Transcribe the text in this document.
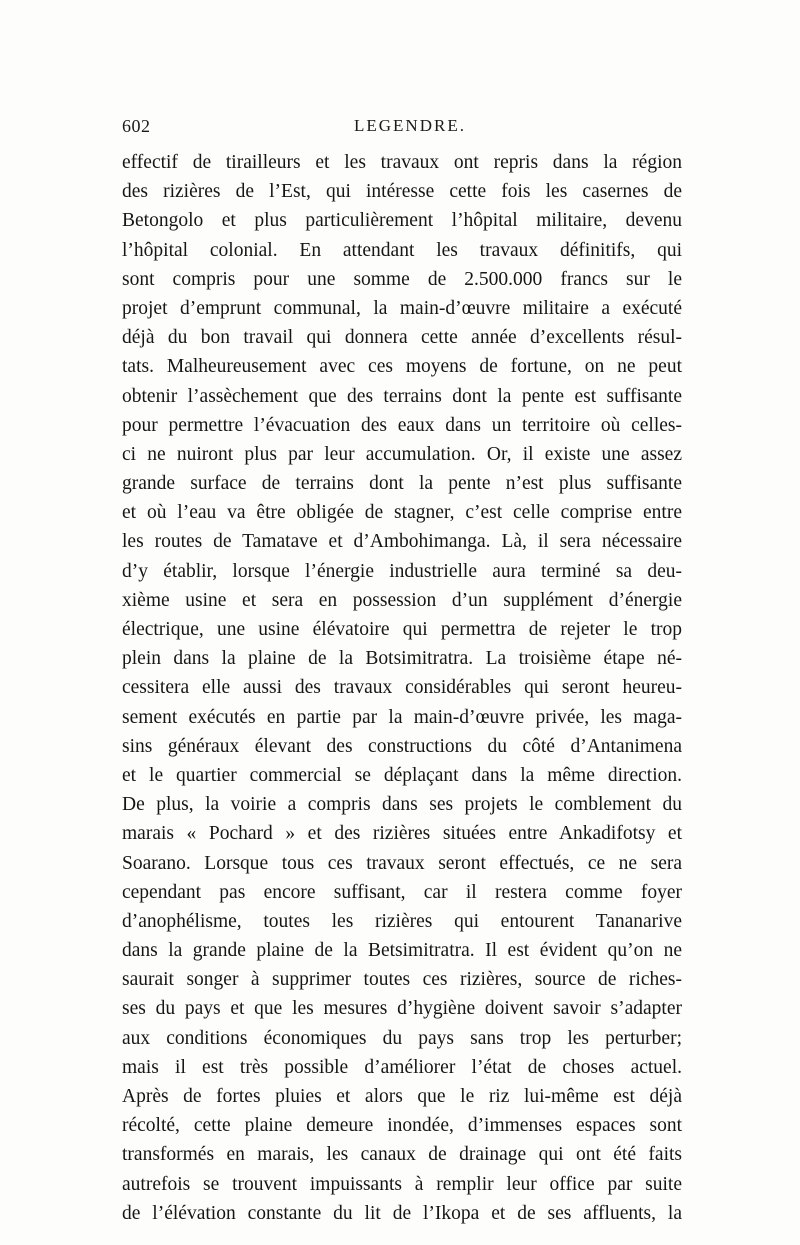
602	LEGENDRE.
effectif de tirailleurs et les travaux ont repris dans la région
des rizières de l’Est, qui intéresse cette fois les casernes de
Betongolo et plus particulièrement l’hôpital militaire, devenu
l’hôpital colonial. En attendant les travaux définitifs, qui
sont compris pour une somme de 2.500.000 francs sur le
projet d’emprunt communal, la main-d’œuvre militaire a exécuté
déjà du bon travail qui donnera cette année d’excellents résul-
tats. Malheureusement avec ces moyens de fortune, on ne peut
obtenir l’assèchement que des terrains dont la pente est suffisante
pour permettre l’évacuation des eaux dans un territoire où celles-
ci ne nuiront plus par leur accumulation. Or, il existe une assez
grande surface de terrains dont la pente n’est plus suffisante
et où l’eau va être obligée de stagner, c’est celle comprise entre
les routes de Tamatave et d’Ambohimanga. Là, il sera nécessaire
d’y établir, lorsque l’énergie industrielle aura terminé sa deu-
xième usine et sera en possession d’un supplément d’énergie
électrique, une usine élévatoire qui permettra de rejeter le trop
plein dans la plaine de la Botsimitratra. La troisième étape né-
cessitera elle aussi des travaux considérables qui seront heureu-
sement exécutés en partie par la main-d’œuvre privée, les maga-
sins généraux élevant des constructions du côté d’Antanimena
et le quartier commercial se déplaçant dans la même direction.
De plus, la voirie a compris dans ses projets le comblement du
marais « Pochard » et des rizières situées entre Ankadifotsy et
Soarano. Lorsque tous ces travaux seront effectués, ce ne sera
cependant pas encore suffisant, car il restera comme foyer
d’anophélisme, toutes les rizières qui entourent Tananarive
dans la grande plaine de la Betsimitratra. Il est évident qu’on ne
saurait songer à supprimer toutes ces rizières, source de riches-
ses du pays et que les mesures d’hygiène doivent savoir s’adapter
aux conditions économiques du pays sans trop les perturber;
mais il est très possible d’améliorer l’état de choses actuel.
Après de fortes pluies et alors que le riz lui-même est déjà
récolté, cette plaine demeure inondée, d’immenses espaces sont
transformés en marais, les canaux de drainage qui ont été faits
autrefois se trouvent impuissants à remplir leur office par suite
de l’élévation constante du lit de l’Ikopa et de ses affluents, la
